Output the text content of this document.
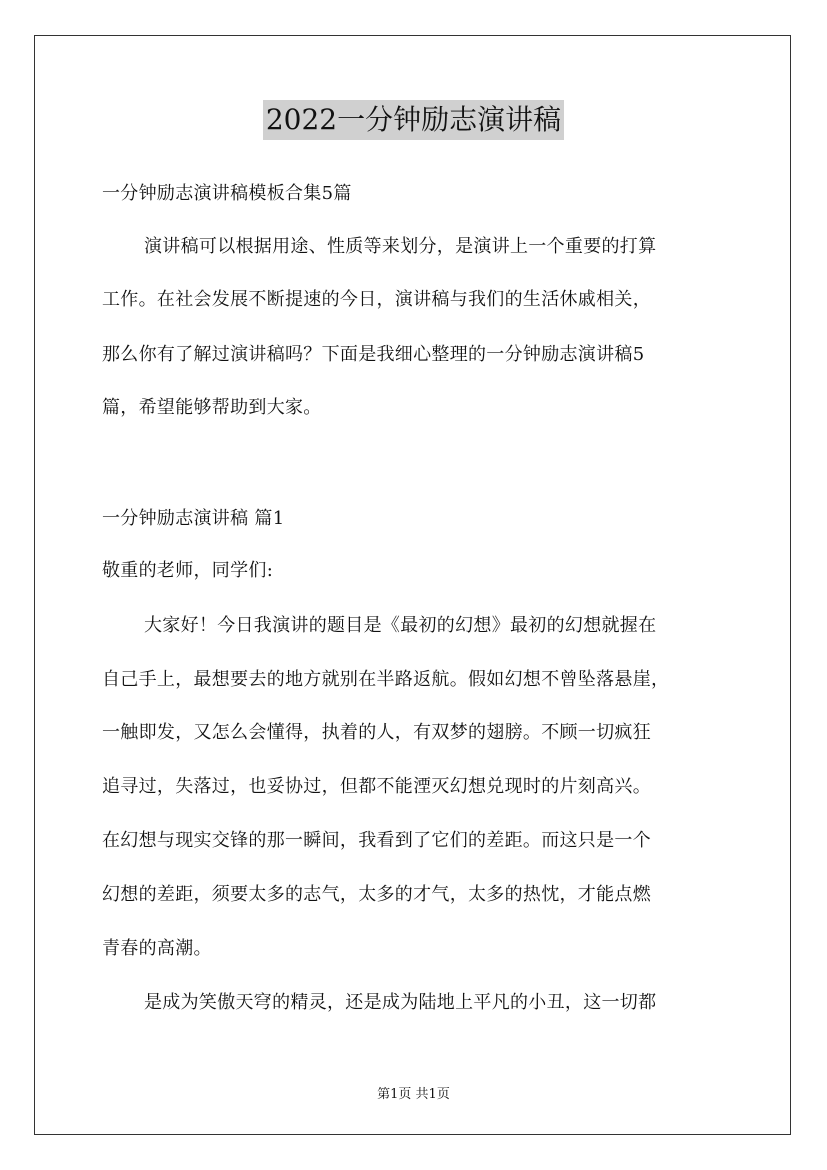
2022一分钟励志演讲稿
一分钟励志演讲稿模板合集5篇
演讲稿可以根据用途、性质等来划分，是演讲上一个重要的打算
工作。在社会发展不断提速的今日，演讲稿与我们的生活休戚相关，
那么你有了解过演讲稿吗？下面是我细心整理的一分钟励志演讲稿5
篇，希望能够帮助到大家。
一分钟励志演讲稿 篇1
敬重的老师，同学们:
大家好！今日我演讲的题目是《最初的幻想》最初的幻想就握在
自己手上，最想要去的地方就别在半路返航。假如幻想不曾坠落悬崖，
一触即发，又怎么会懂得，执着的人，有双梦的翅膀。不顾一切疯狂
追寻过，失落过，也妥协过，但都不能湮灭幻想兑现时的片刻高兴。
在幻想与现实交锋的那一瞬间，我看到了它们的差距。而这只是一个
幻想的差距，须要太多的志气，太多的才气，太多的热忱，才能点燃
青春的高潮。
是成为笑傲天穹的精灵，还是成为陆地上平凡的小丑，这一切都
第1页 共1页
